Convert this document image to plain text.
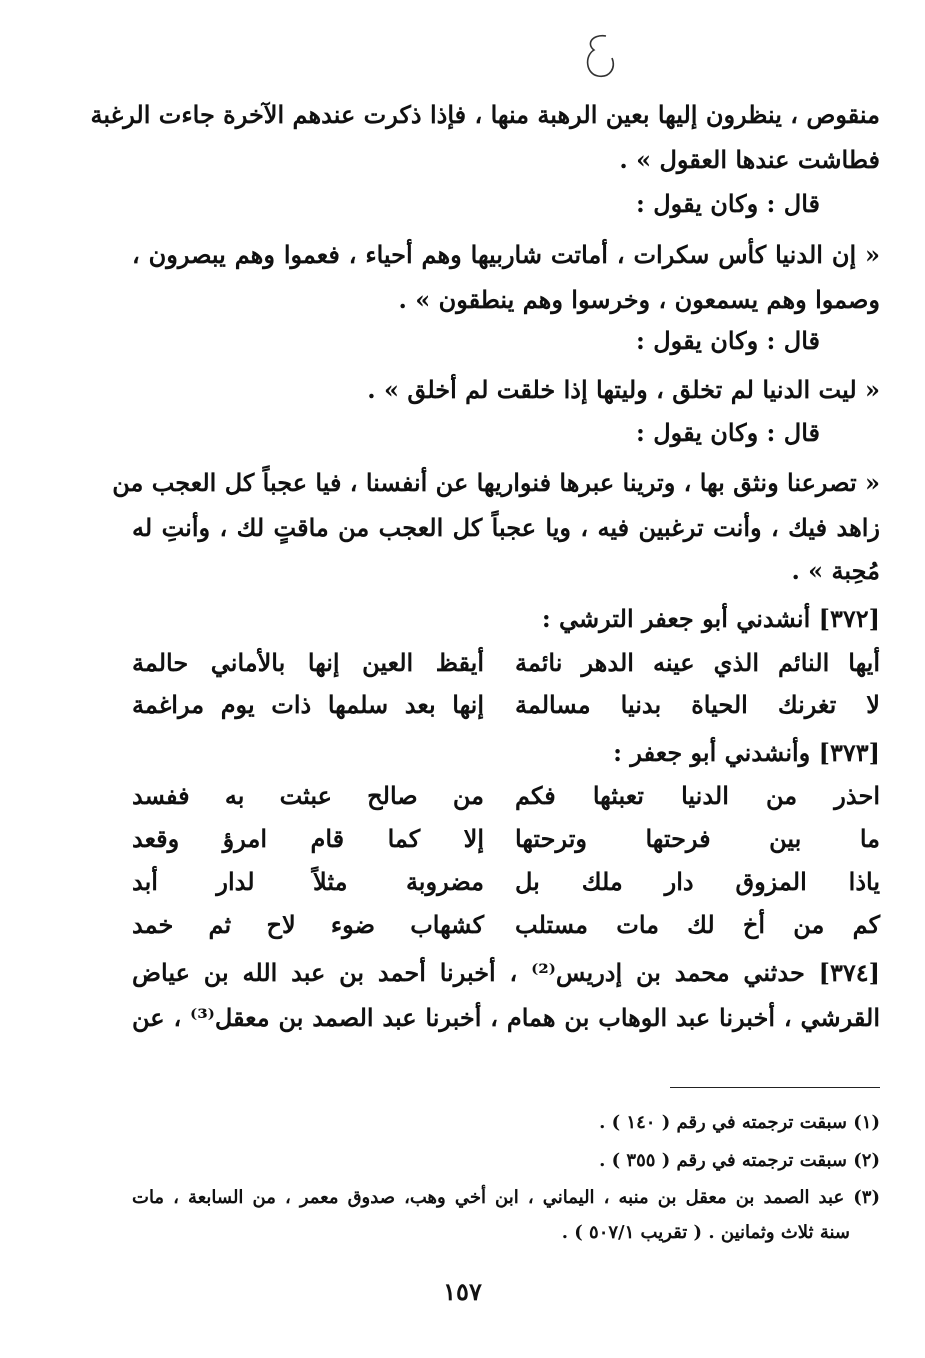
منقوص ، ينظرون إليها بعين الرهبة منها ، فإذا ذكرت عندهم الآخرة جاءت الرغبة
فطاشت عندها العقول » .
قال : وكان يقول :
« إن الدنيا كأس سكرات ، أماتت شاربيها وهم أحياء ، فعموا وهم يبصرون ،
وصموا وهم يسمعون ، وخرسوا وهم ينطقون » .
قال : وكان يقول :
« ليت الدنيا لم تخلق ، وليتها إذا خلقت لم أخلق » .
قال : وكان يقول :
« تصرعنا ونثق بها ، وترينا عبرها فنواريها عن أنفسنا ، فيا عجباً كل العجب من
زاهد فيك ، وأنت ترغبين فيه ، ويا عجباً كل العجب من ماقتٍ لك ، وأنتِ له
مُحِبة » .
[٣٧٢] أنشدني أبو جعفر الترشي :
أيها النائم الذي عينه الدهر نائمة
أيقظ العين إنها بالأماني حالمة
لا تغرنك الحياة بدنيا مسالمة
إنها بعد سلمها ذات يوم مراغمة
[٣٧٣] وأنشدني أبو جعفر :
احذر من الدنيا تعبثها فكم
من صالح عبثت به ففسد
ما بين فرحتها وترحتها
إلا كما قام امرؤ وقعد
ياذا المزوق دار ملك بل
مضروبة مثلاً لدار أبد
كم من أخ لك مات مستلب
كشهاب ضوء لاح ثم خمد
[٣٧٤] حدثني محمد بن إدريس⁽²⁾ ، أخبرنا أحمد بن عبد الله بن عياض
القرشي ، أخبرنا عبد الوهاب بن همام ، أخبرنا عبد الصمد بن معقل⁽³⁾ ، عن
(١) سبقت ترجمته في رقم ( ١٤٠ ) .
(٢) سبقت ترجمته في رقم ( ٣٥٥ ) .
(٣) عبد الصمد بن معقل بن منبه ، اليماني ، ابن أخي وهب، صدوق معمر ، من السابعة ، مات
سنة ثلاث وثمانين . ( تقريب ٥٠٧/١ ) .
١٥٧
